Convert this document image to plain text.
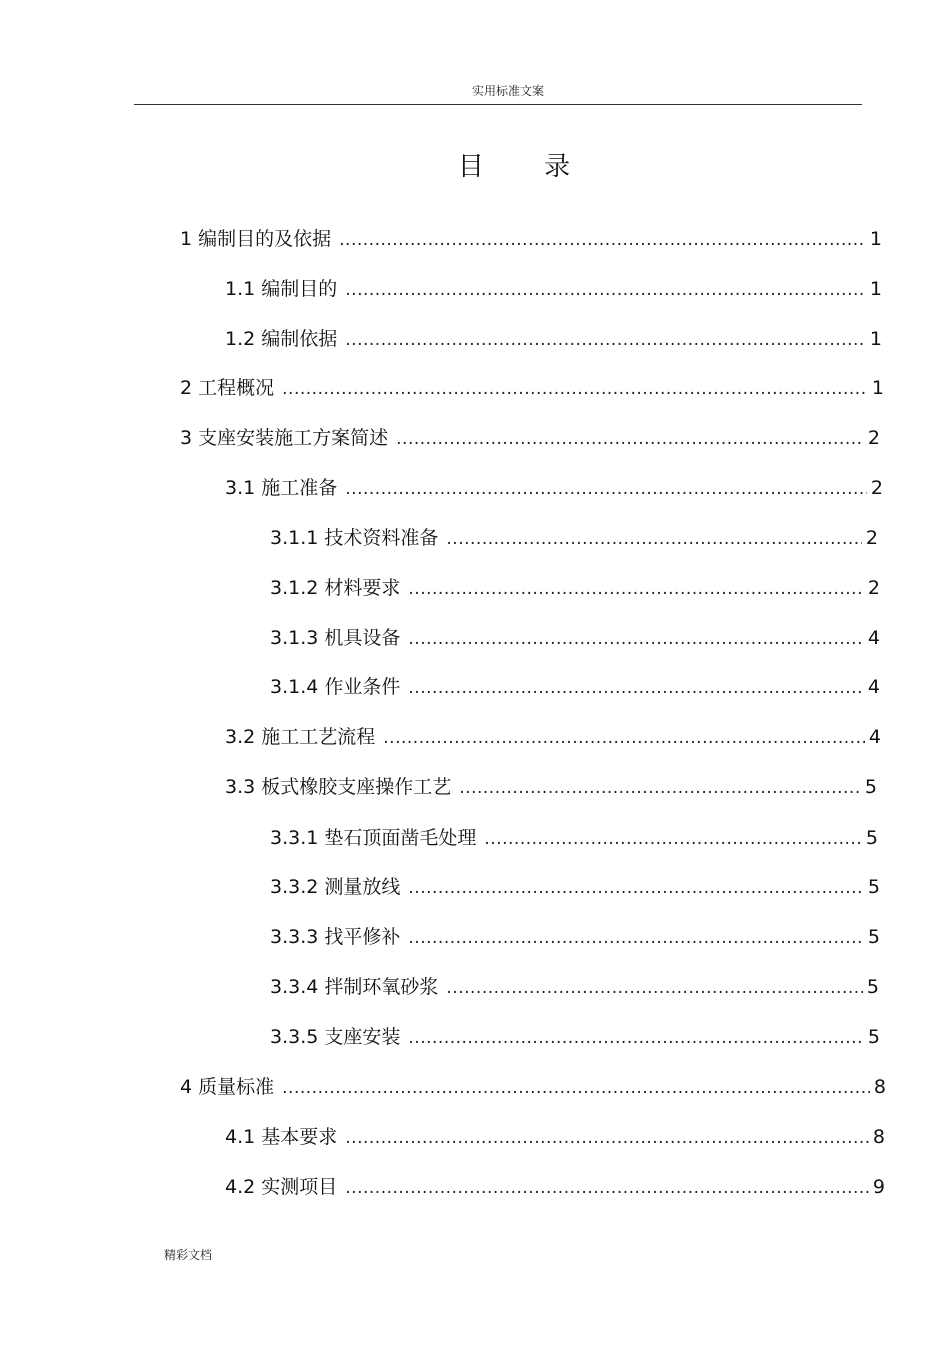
实用标准文案
目 录
1 编制目的及依据 .....	1
1.1 编制目的 .....	1
1.2 编制依据 .....	1
2 工程概况 .....	1
3 支座安装施工方案简述 .....	2
3.1 施工准备 .....	2
3.1.1 技术资料准备 .....	2
3.1.2 材料要求 .....	2
3.1.3 机具设备 .....	4
3.1.4 作业条件 .....	4
3.2 施工工艺流程 .....	4
3.3 板式橡胶支座操作工艺 .....	5
3.3.1 垫石顶面凿毛处理 .....	5
3.3.2 测量放线 .....	5
3.3.3 找平修补 .....	5
3.3.4 拌制环氧砂浆 .....	5
3.3.5 支座安装 .....	5
4 质量标准 .....	8
4.1 基本要求 .....	8
4.2 实测项目 .....	9
精彩文档
